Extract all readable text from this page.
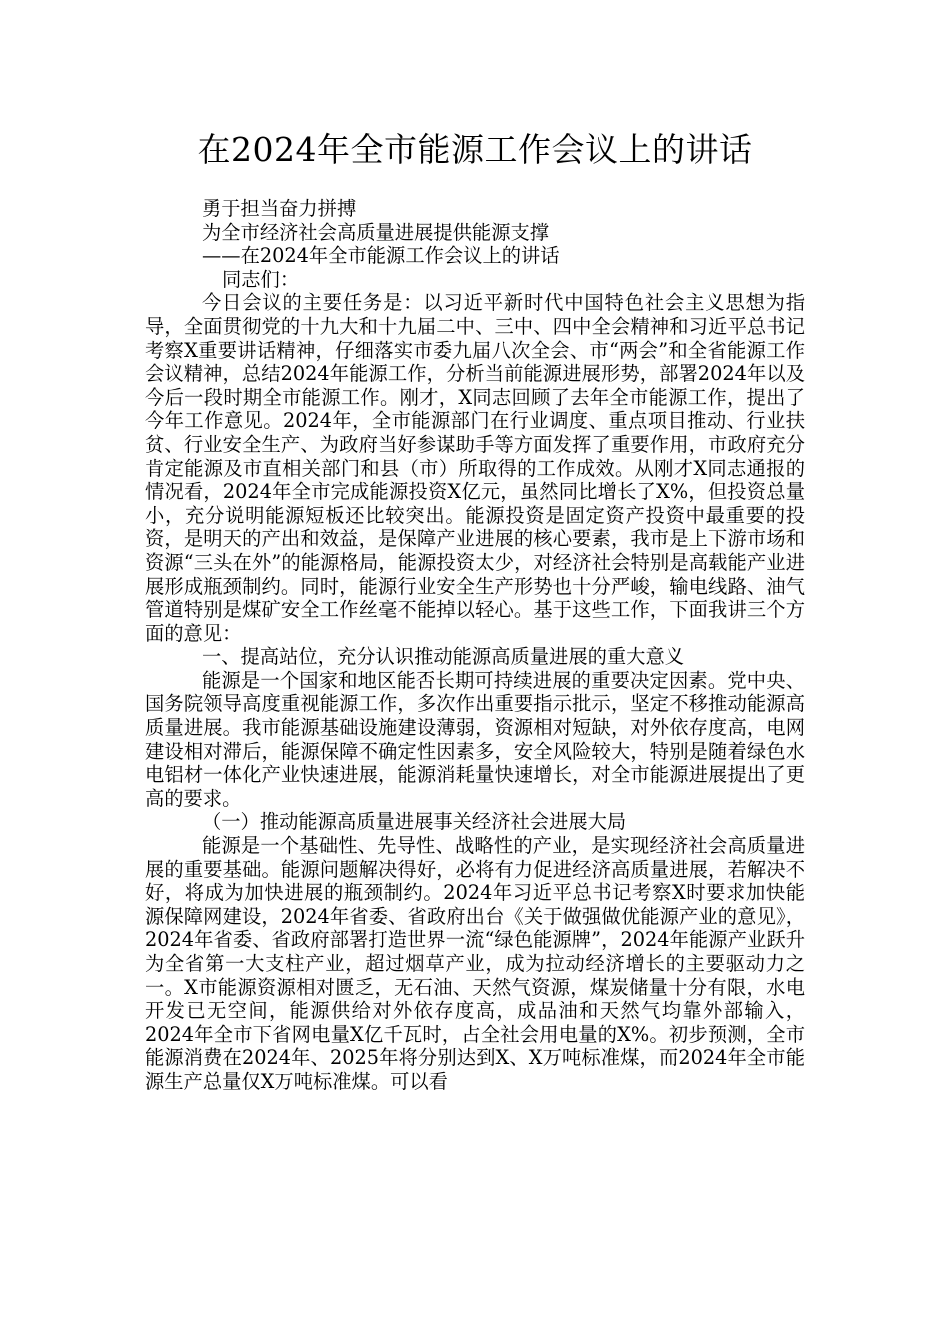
在2024年全市能源工作会议上的讲话

勇于担当奋力拼搏

为全市经济社会高质量进展提供能源支撑

——在2024年全市能源工作会议上的讲话

同志们：

今日会议的主要任务是：以习近平新时代中国特色社会主义思想为指导，全面贯彻党的十九大和十九届二中、三中、四中全会精神和习近平总书记考察X重要讲话精神，仔细落实市委九届八次全会、市“两会”和全省能源工作会议精神，总结2024年能源工作，分析当前能源进展形势，部署2024年以及今后一段时期全市能源工作。刚才，X同志回顾了去年全市能源工作，提出了今年工作意见。2024年，全市能源部门在行业调度、重点项目推动、行业扶贫、行业安全生产、为政府当好参谋助手等方面发挥了重要作用，市政府充分肯定能源及市直相关部门和县（市）所取得的工作成效。从刚才X同志通报的情况看，2024年全市完成能源投资X亿元，虽然同比增长了X%，但投资总量小，充分说明能源短板还比较突出。能源投资是固定资产投资中最重要的投资，是明天的产出和效益，是保障产业进展的核心要素，我市是上下游市场和资源“三头在外”的能源格局，能源投资太少，对经济社会特别是高载能产业进展形成瓶颈制约。同时，能源行业安全生产形势也十分严峻，输电线路、油气管道特别是煤矿安全工作丝毫不能掉以轻心。基于这些工作，下面我讲三个方面的意见：

一、提高站位，充分认识推动能源高质量进展的重大意义

能源是一个国家和地区能否长期可持续进展的重要决定因素。党中央、国务院领导高度重视能源工作，多次作出重要指示批示，坚定不移推动能源高质量进展。我市能源基础设施建设薄弱，资源相对短缺，对外依存度高，电网建设相对滞后，能源保障不确定性因素多，安全风险较大，特别是随着绿色水电铝材一体化产业快速进展，能源消耗量快速增长，对全市能源进展提出了更高的要求。

（一）推动能源高质量进展事关经济社会进展大局

能源是一个基础性、先导性、战略性的产业，是实现经济社会高质量进展的重要基础。能源问题解决得好，必将有力促进经济高质量进展，若解决不好，将成为加快进展的瓶颈制约。2024年习近平总书记考察X时要求加快能源保障网建设，2024年省委、省政府出台《关于做强做优能源产业的意见》，2024年省委、省政府部署打造世界一流“绿色能源牌”，2024年能源产业跃升为全省第一大支柱产业，超过烟草产业，成为拉动经济增长的主要驱动力之一。X市能源资源相对匮乏，无石油、天然气资源，煤炭储量十分有限，水电开发已无空间，能源供给对外依存度高，成品油和天然气均靠外部输入，2024年全市下省网电量X亿千瓦时，占全社会用电量的X%。初步预测，全市能源消费在2024年、2025年将分别达到X、X万吨标准煤，而2024年全市能源生产总量仅X万吨标准煤。可以看
